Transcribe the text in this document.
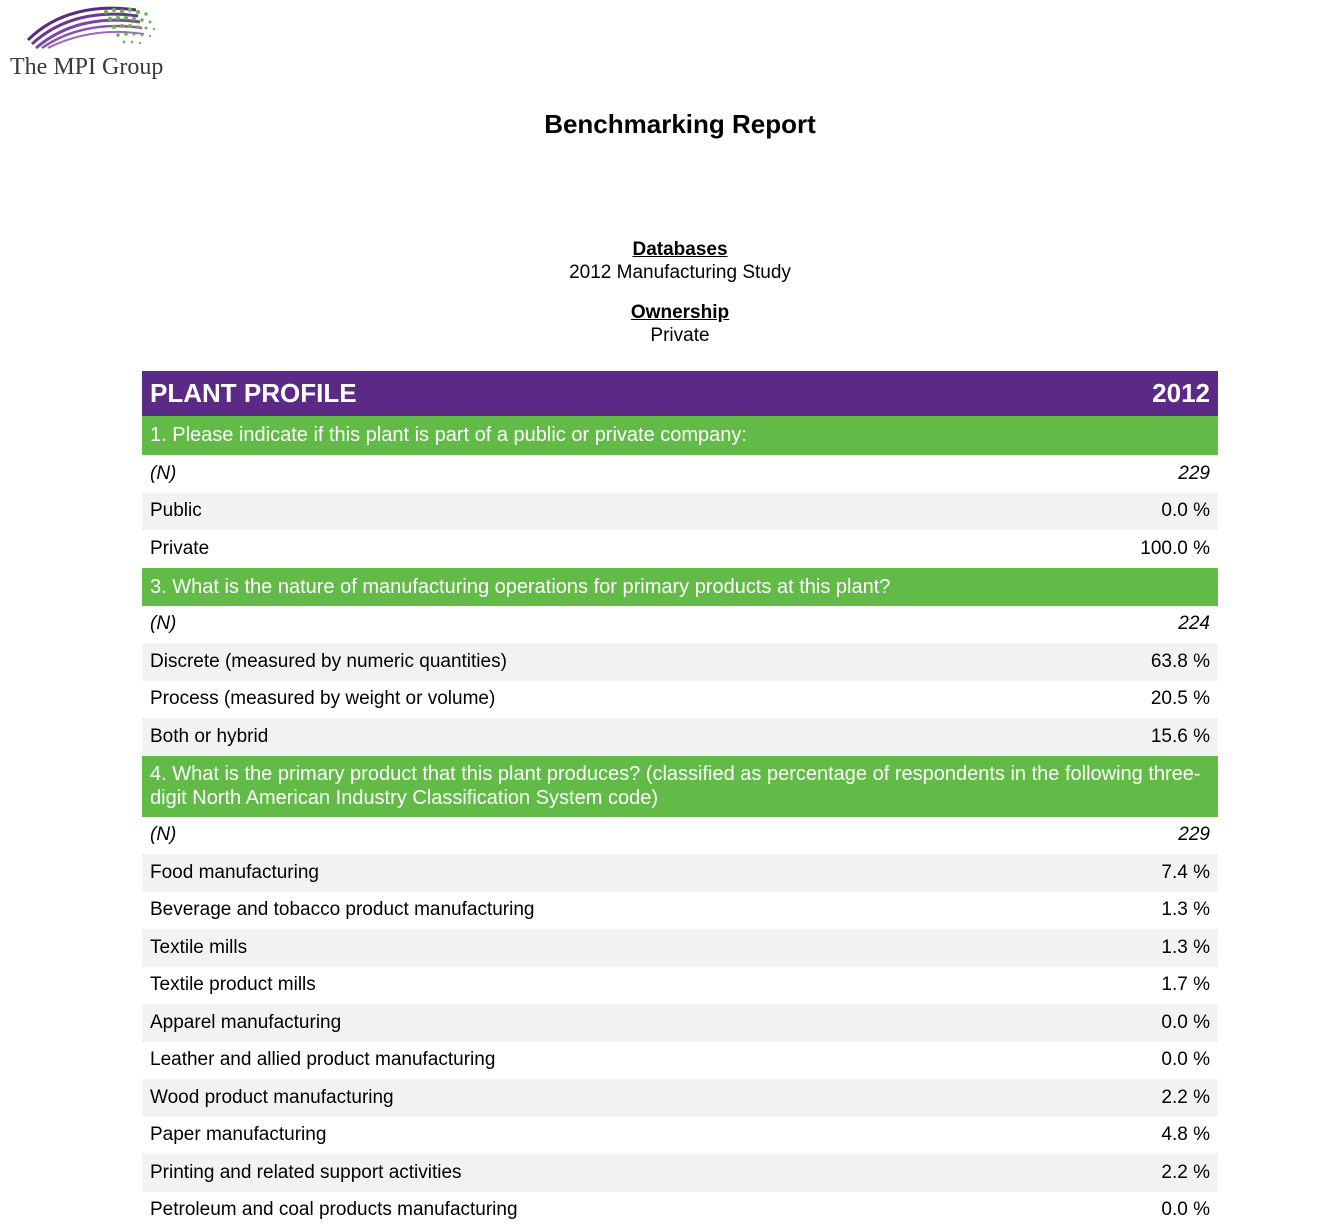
The MPI Group
Benchmarking Report
Databases
2012 Manufacturing Study
Ownership
Private
PLANT PROFILE	2012
1. Please indicate if this plant is part of a public or private company:
(N)	229
Public	0.0 %
Private	100.0 %
3. What is the nature of manufacturing operations for primary products at this plant?
(N)	224
Discrete (measured by numeric quantities)	63.8 %
Process (measured by weight or volume)	20.5 %
Both or hybrid	15.6 %
4. What is the primary product that this plant produces? (classified as percentage of respondents in the following three-digit North American Industry Classification System code)
(N)	229
Food manufacturing	7.4 %
Beverage and tobacco product manufacturing	1.3 %
Textile mills	1.3 %
Textile product mills	1.7 %
Apparel manufacturing	0.0 %
Leather and allied product manufacturing	0.0 %
Wood product manufacturing	2.2 %
Paper manufacturing	4.8 %
Printing and related support activities	2.2 %
Petroleum and coal products manufacturing	0.0 %
